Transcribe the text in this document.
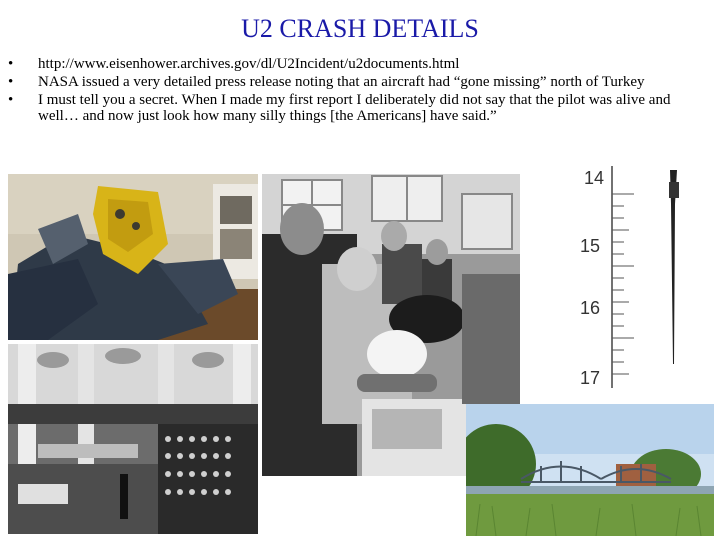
U2 CRASH DETAILS
• http://www.eisenhower.archives.gov/dl/U2Incident/u2documents.html
• NASA issued a very detailed press release noting that an aircraft had “gone missing” north of Turkey
• I must tell you a secret. When I made my first report I deliberately did not say that the pilot was alive and well… and now just look how many silly things [the Americans] have said.”
14
15
16
17
